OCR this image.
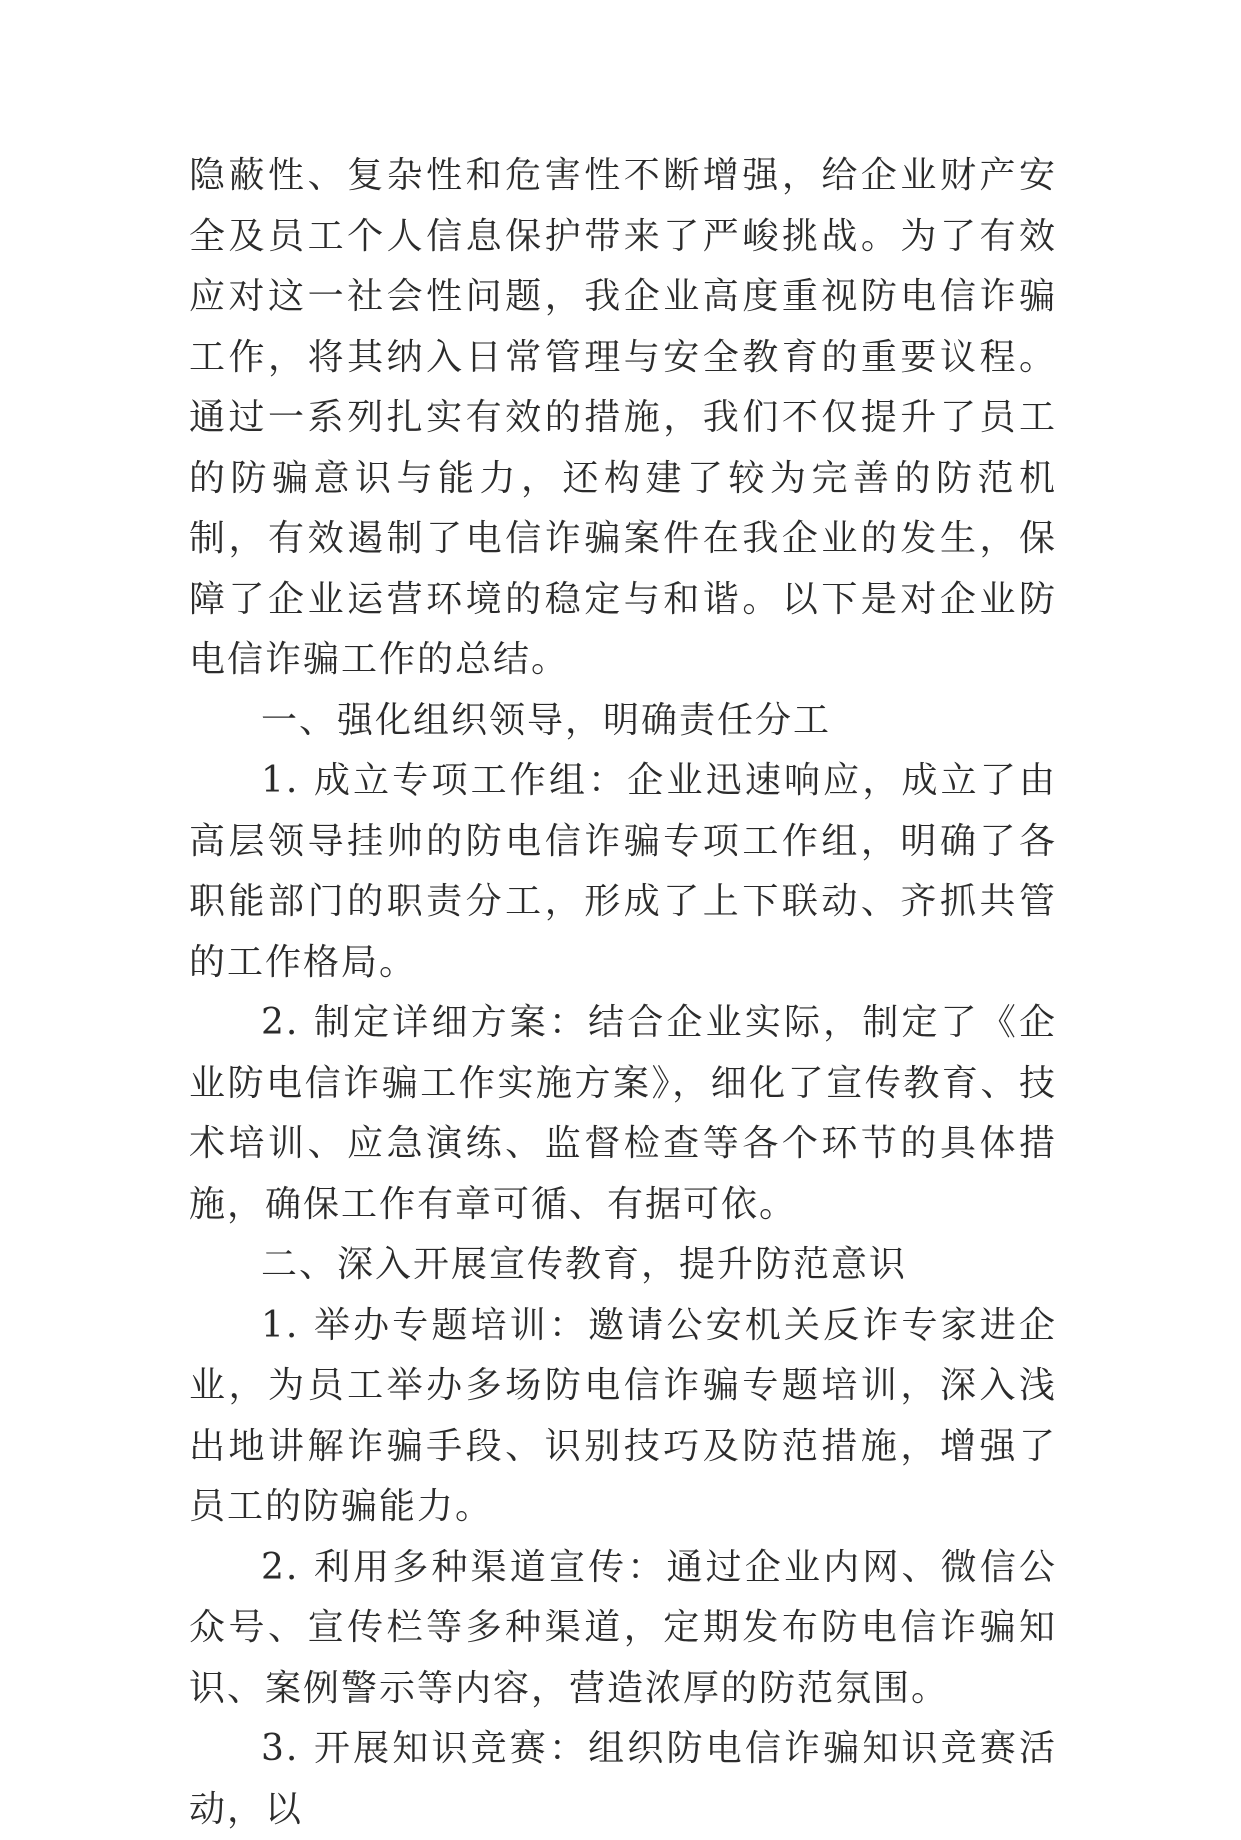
隐蔽性、复杂性和危害性不断增强，给企业财产安全及员工个人信息保护带来了严峻挑战。为了有效应对这一社会性问题，我企业高度重视防电信诈骗工作，将其纳入日常管理与安全教育的重要议程。通过一系列扎实有效的措施，我们不仅提升了员工的防骗意识与能力，还构建了较为完善的防范机制，有效遏制了电信诈骗案件在我企业的发生，保障了企业运营环境的稳定与和谐。以下是对企业防电信诈骗工作的总结。

一、强化组织领导，明确责任分工

1. 成立专项工作组：企业迅速响应，成立了由高层领导挂帅的防电信诈骗专项工作组，明确了各职能部门的职责分工，形成了上下联动、齐抓共管的工作格局。

2. 制定详细方案：结合企业实际，制定了《企业防电信诈骗工作实施方案》，细化了宣传教育、技术培训、应急演练、监督检查等各个环节的具体措施，确保工作有章可循、有据可依。

二、深入开展宣传教育，提升防范意识

1. 举办专题培训：邀请公安机关反诈专家进企业，为员工举办多场防电信诈骗专题培训，深入浅出地讲解诈骗手段、识别技巧及防范措施，增强了员工的防骗能力。

2. 利用多种渠道宣传：通过企业内网、微信公众号、宣传栏等多种渠道，定期发布防电信诈骗知识、案例警示等内容，营造浓厚的防范氛围。

3. 开展知识竞赛：组织防电信诈骗知识竞赛活动，以
